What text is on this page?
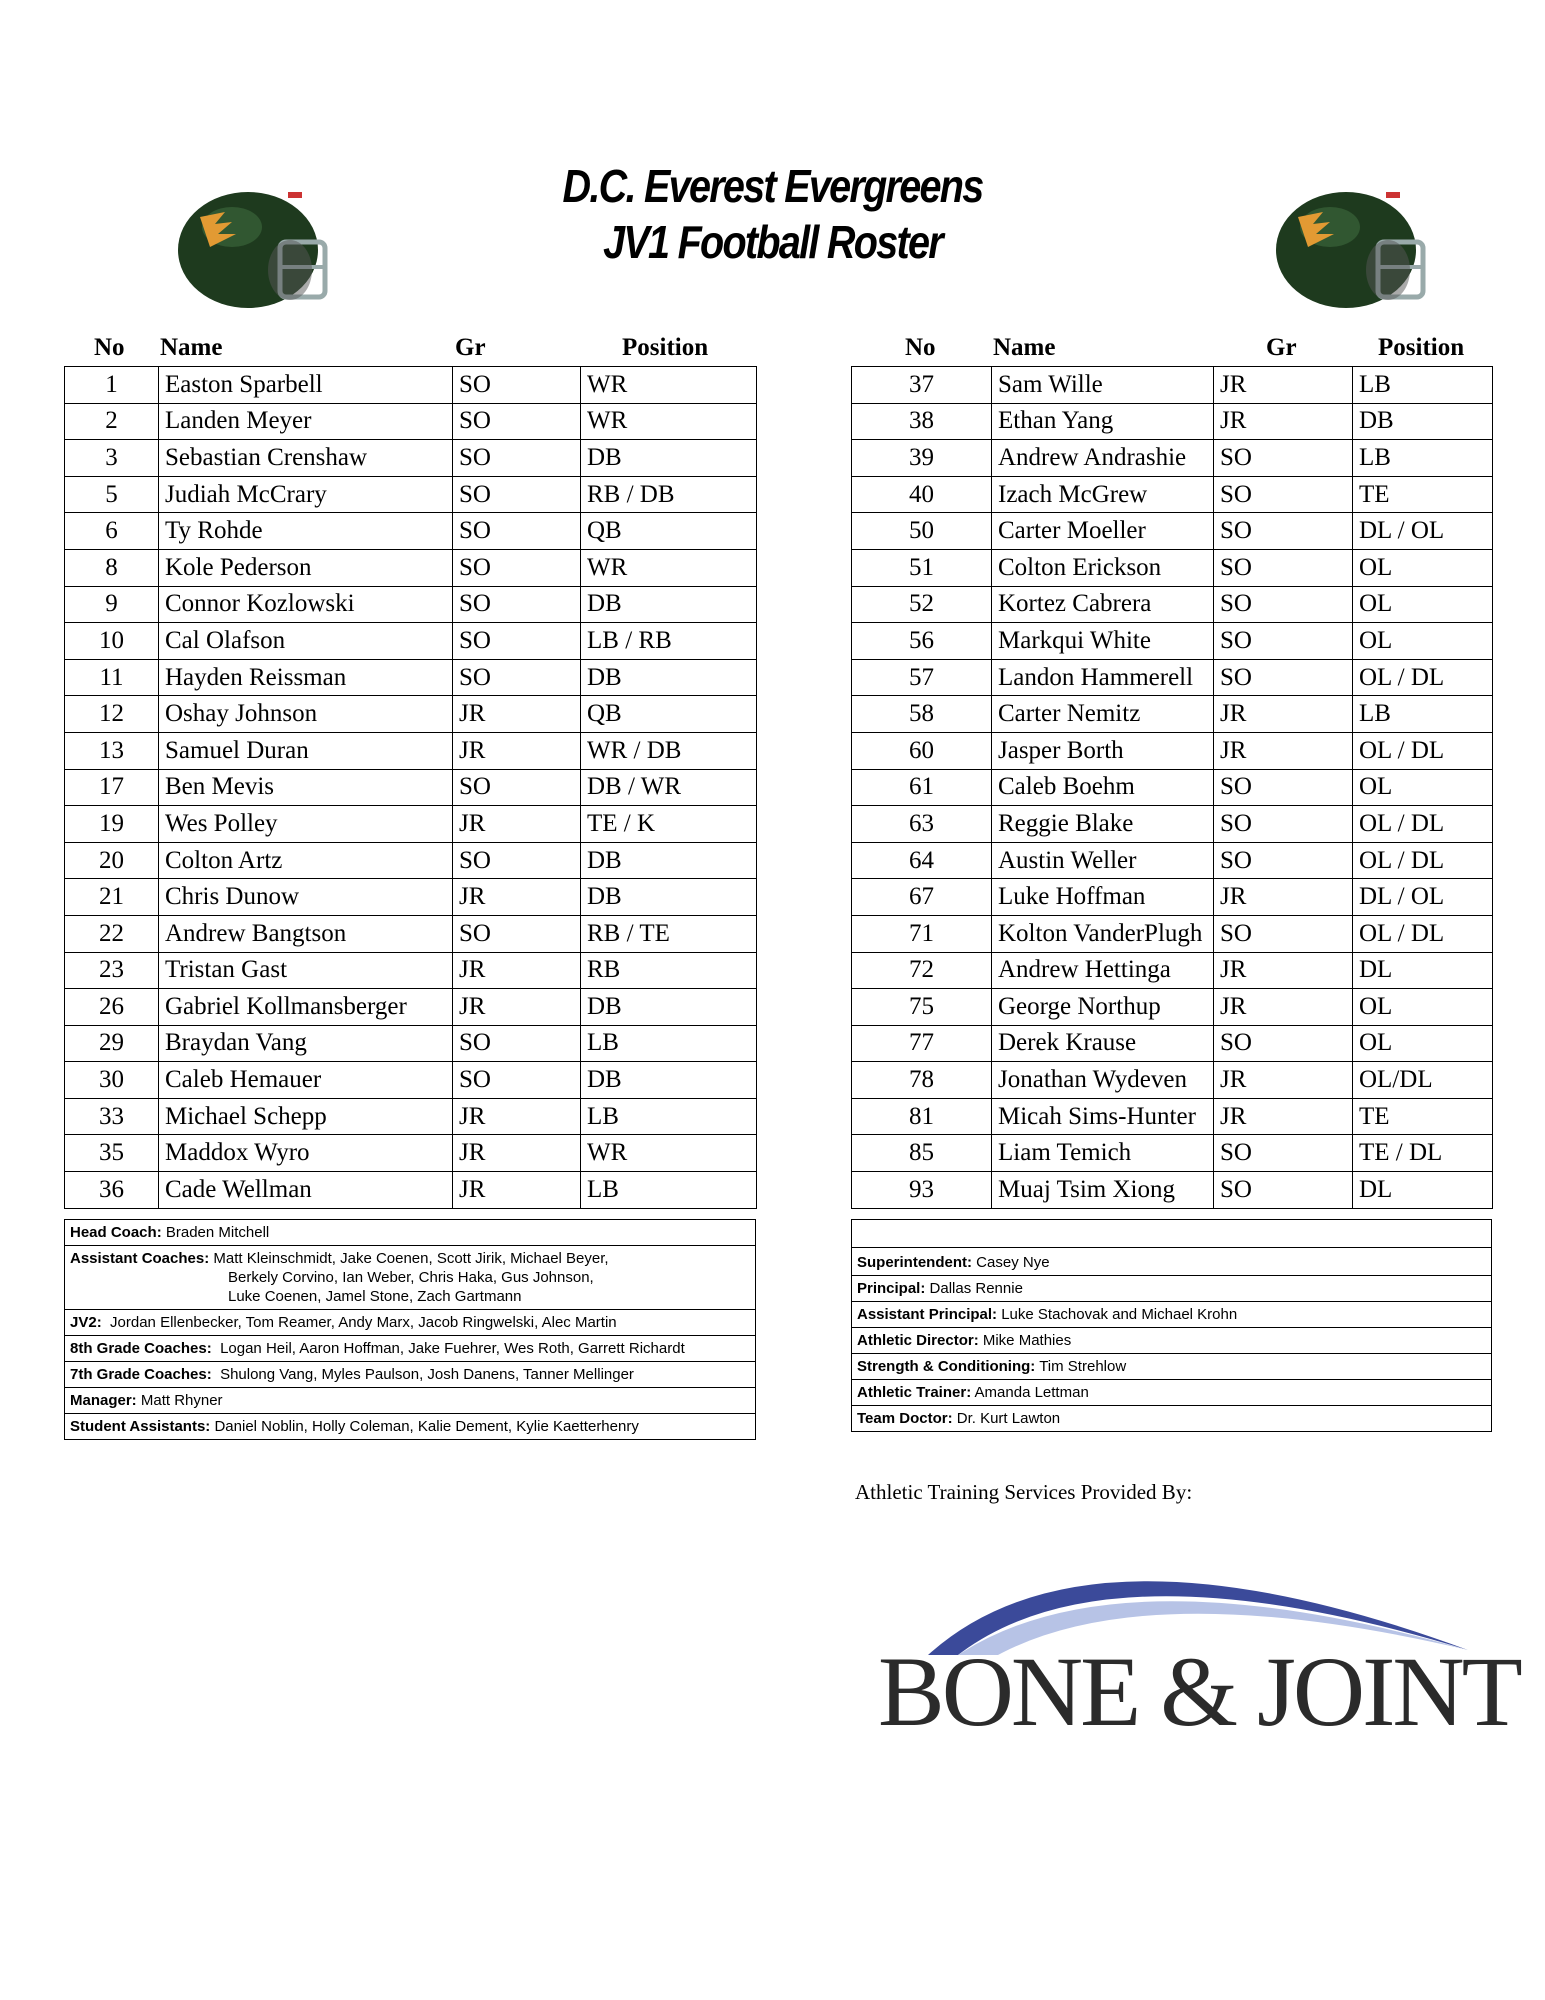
D.C. Everest Evergreens
JV1 Football Roster
No Name	Gr	Position	No Name	Gr	Position
1	Easton Sparbell	SO	WR
2	Landen Meyer	SO	WR
3	Sebastian Crenshaw	SO	DB
5	Judiah McCrary	SO	RB / DB
6	Ty Rohde	SO	QB
8	Kole Pederson	SO	WR
9	Connor Kozlowski	SO	DB
10	Cal Olafson	SO	LB / RB
11	Hayden Reissman	SO	DB
12	Oshay Johnson	JR	QB
13	Samuel Duran	JR	WR / DB
17	Ben Mevis	SO	DB / WR
19	Wes Polley	JR	TE / K
20	Colton Artz	SO	DB
21	Chris Dunow	JR	DB
22	Andrew Bangtson	SO	RB / TE
23	Tristan Gast	JR	RB
26	Gabriel Kollmansberger	JR	DB
29	Braydan Vang	SO	LB
30	Caleb Hemauer	SO	DB
33	Michael Schepp	JR	LB
35	Maddox Wyro	JR	WR
36	Cade Wellman	JR	LB
37	Sam Wille	JR	LB
38	Ethan Yang	JR	DB
39	Andrew Andrashie	SO	LB
40	Izach McGrew	SO	TE
50	Carter Moeller	SO	DL / OL
51	Colton Erickson	SO	OL
52	Kortez Cabrera	SO	OL
56	Markqui White	SO	OL
57	Landon Hammerell	SO	OL / DL
58	Carter Nemitz	JR	LB
60	Jasper Borth	JR	OL / DL
61	Caleb Boehm	SO	OL
63	Reggie Blake	SO	OL / DL
64	Austin Weller	SO	OL / DL
67	Luke Hoffman	JR	DL / OL
71	Kolton VanderPlugh	SO	OL / DL
72	Andrew Hettinga	JR	DL
75	George Northup	JR	OL
77	Derek Krause	SO	OL
78	Jonathan Wydeven	JR	OL/DL
81	Micah Sims-Hunter	JR	TE
85	Liam Temich	SO	TE / DL
93	Muaj Tsim Xiong	SO	DL
Head Coach: Braden Mitchell
Assistant Coaches: Matt Kleinschmidt, Jake Coenen, Scott Jirik, Michael Beyer,
Berkely Corvino, Ian Weber, Chris Haka, Gus Johnson,
Luke Coenen, Jamel Stone, Zach Gartmann

JV2: Jordan Ellenbecker, Tom Reamer, Andy Marx, Jacob Ringwelski, Alec Martin
8th Grade Coaches: Logan Heil, Aaron Hoffman, Jake Fuehrer, Wes Roth, Garrett Richardt
7th Grade Coaches: Shulong Vang, Myles Paulson, Josh Danens, Tanner Mellinger
Manager: Matt Rhyner
Student Assistants: Daniel Noblin, Holly Coleman, Kalie Dement, Kylie Kaetterhenry

Superintendent: Casey Nye
Principal: Dallas Rennie
Assistant Principal: Luke Stachovak and Michael Krohn
Athletic Director: Mike Mathies
Strength & Conditioning: Tim Strehlow
Athletic Trainer: Amanda Lettman
Team Doctor: Dr. Kurt Lawton
Athletic Training Services Provided By:
BONE & JOINT
